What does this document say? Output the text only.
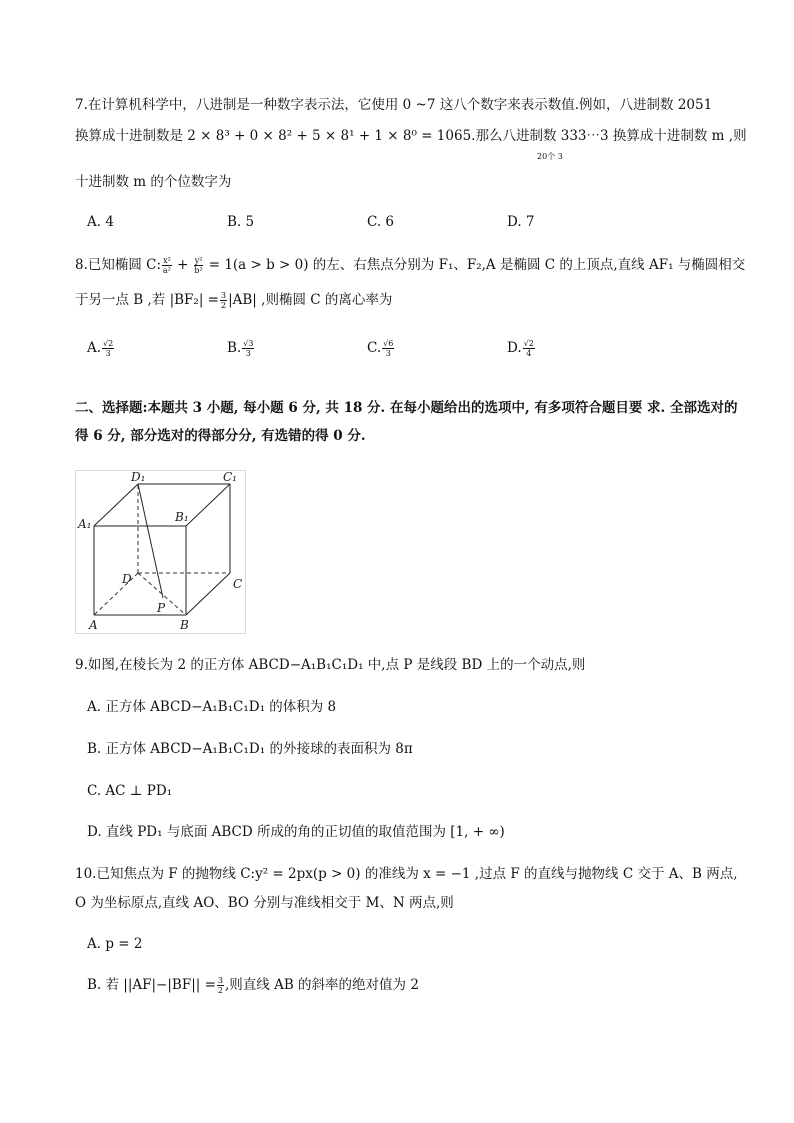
7.在计算机科学中，八进制是一种数字表示法，它使用 0 ~7 这八个数字来表示数值.例如，八进制数 2051
换算成十进制数是 2 × 8³ + 0 × 8² + 5 × 8¹ + 1 × 8⁰ = 1065.那么八进制数 333⋯3 换算成十进制数 m ,则
20个 3
十进制数 m 的个位数字为
A. 4	B. 5	C. 6	D. 7
8.已知椭圆 C: $\frac{\text{x²}}{\text{a²}} + \frac{\text{y²}}{\text{b²}} = 1(a > b > 0)$ 的左、右焦点分别为 F₁、F₂,A 是椭圆 C 的上顶点,直线 AF₁ 与椭圆相交
于另一点 B ,若 $|BF_2| = \frac{3}{2} |AB|$ ,则椭圆 C 的离心率为
A. $\frac{√2}{3}$	B. $\frac{√3}{3}$	C. $\frac{√6}{3}$	D. $\frac{√2}{4}$
二、选择题:本题共 3 小题, 每小题 6 分, 共 18 分. 在每小题给出的选项中, 有多项符合题目要 求. 全部选对的
得 6 分, 部分选对的得部分分, 有选错的得 0 分.
D₁	C₁
A₁	B₁
D	C
P
A	B
9.如图,在棱长为 2 的正方体 ABCD−A₁B₁C₁D₁ 中,点 P 是线段 BD 上的一个动点,则
A. 正方体 ABCD−A₁B₁C₁D₁ 的体积为 8
B. 正方体 ABCD−A₁B₁C₁D₁ 的外接球的表面积为 8π
C. AC ⊥ PD₁
D. 直线 PD₁ 与底面 ABCD 所成的角的正切值的取值范围为 [1, + ∞)
10.已知焦点为 F 的抛物线 C:y² = 2px(p > 0) 的准线为 x = −1 ,过点 F 的直线与抛物线 C 交于 A、B 两点,
O 为坐标原点,直线 AO、BO 分别与准线相交于 M、N 两点,则
A. p = 2
B. 若 $||AF|-|BF|| = \frac{3}{2}$ ,则直线 AB 的斜率的绝对值为 2
